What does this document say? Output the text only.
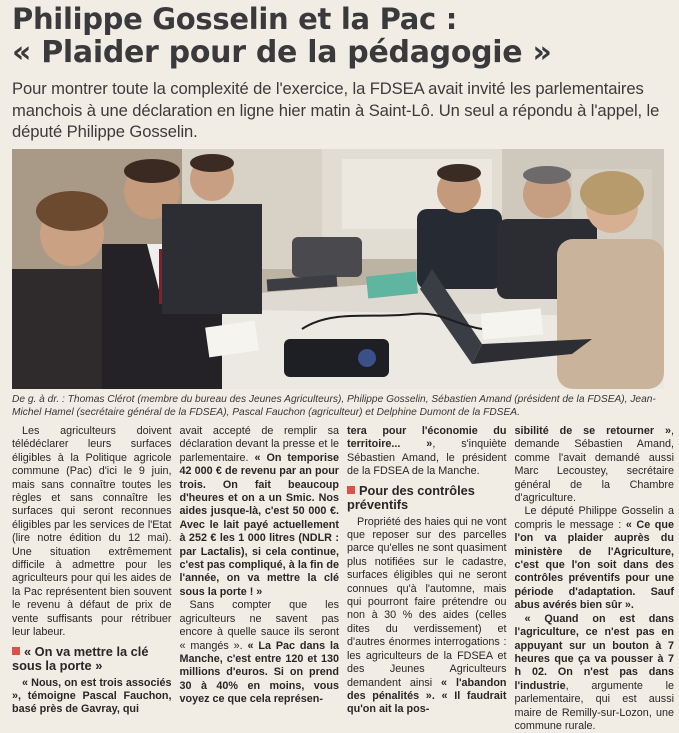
Philippe Gosselin et la Pac :
« Plaider pour de la pédagogie »
Pour montrer toute la complexité de l'exercice, la FDSEA avait invité les parlementaires manchois à une déclaration en ligne hier matin à Saint-Lô. Un seul a répondu à l'appel, le député Philippe Gosselin.
De g. à dr. : Thomas Clérot (membre du bureau des Jeunes Agriculteurs), Philippe Gosselin, Sébastien Amand (président de la FDSEA), Jean-Michel Hamel (secrétaire général de la FDSEA), Pascal Fauchon (agriculteur) et Delphine Dumont de la FDSEA.

Les agriculteurs doivent télédéclarer leurs surfaces éligibles à la Politique agricole commune (Pac) d'ici le 9 juin, mais sans connaître toutes les règles et sans connaître les surfaces qui seront reconnues éligibles par les services de l'Etat (lire notre édition du 12 mai). Une situation extrêmement difficile à admettre pour les agriculteurs pour qui les aides de la Pac représentent bien souvent le revenu à défaut de prix de vente suffisants pour rétribuer leur labeur.

« On va mettre la clé sous la porte »

« Nous, on est trois associés », témoigne Pascal Fauchon, basé près de Gavray, qui

avait accepté de remplir sa déclaration devant la presse et le parlementaire. « On temporise 42 000 € de revenu par an pour trois. On fait beaucoup d'heures et on a un Smic. Nos aides jusque-là, c'est 50 000 €. Avec le lait payé actuellement à 252 € les 1 000 litres (NDLR : par Lactalis), si cela continue, c'est pas compliqué, à la fin de l'année, on va mettre la clé sous la porte ! »

Sans compter que les agriculteurs ne savent pas encore à quelle sauce ils seront « mangés ». « La Pac dans la Manche, c'est entre 120 et 130 millions d'euros. Si on prend 30 à 40% en moins, vous voyez ce que cela représen-

tera pour l'économie du territoire... », s'inquiète Sébastien Amand, le président de la FDSEA de la Manche.

Pour des contrôles préventifs

Propriété des haies qui ne vont que reposer sur des parcelles parce qu'elles ne sont quasiment plus notifiées sur le cadastre, surfaces éligibles qui ne seront connues qu'à l'automne, mais qui pourront faire prétendre ou non à 30 % des aides (celles dites du verdissement) et d'autres énormes interrogations : les agriculteurs de la FDSEA et des Jeunes Agriculteurs demandent ainsi « l'abandon des pénalités ». « Il faudrait qu'on ait la pos-

sibilité de se retourner », demande Sébastien Amand, comme l'avait demandé aussi Marc Lecoustey, secrétaire général de la Chambre d'agriculture.

Le député Philippe Gosselin a compris le message : « Ce que l'on va plaider auprès du ministère de l'Agriculture, c'est que l'on soit dans des contrôles préventifs pour une période d'adaptation. Sauf abus avérés bien sûr ».

« Quand on est dans l'agriculture, ce n'est pas en appuyant sur un bouton à 7 heures que ça va pousser à 7 h 02. On n'est pas dans l'industrie, argumente le parlementaire, qui est aussi maire de Remilly-sur-Lozon, une commune rurale.
